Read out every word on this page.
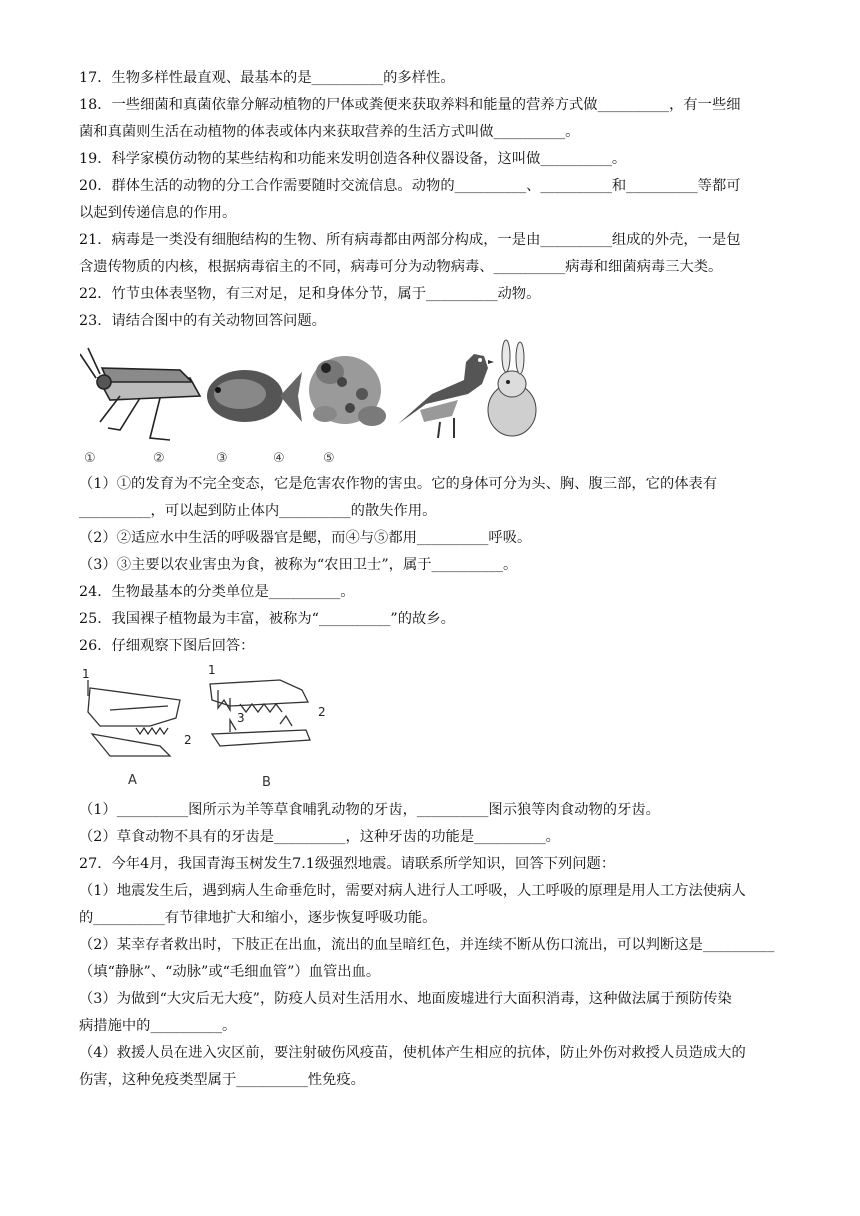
17．生物多样性最直观、最基本的是__________的多样性。
18．一些细菌和真菌依靠分解动植物的尸体或粪便来获取养料和能量的营养方式做__________，有一些细
菌和真菌则生活在动植物的体表或体内来获取营养的生活方式叫做__________。
19．科学家模仿动物的某些结构和功能来发明创造各种仪器设备，这叫做__________。
20．群体生活的动物的分工合作需要随时交流信息。动物的__________、__________和__________等都可
以起到传递信息的作用。
21．病毒是一类没有细胞结构的生物、所有病毒都由两部分构成，一是由__________组成的外壳，一是包
含遗传物质的内核，根据病毒宿主的不同，病毒可分为动物病毒、__________病毒和细菌病毒三大类。
22．竹节虫体表坚物，有三对足，足和身体分节，属于__________动物。
23．请结合图中的有关动物回答问题。
①	②	③	④	⑤
（1）①的发育为不完全变态，它是危害农作物的害虫。它的身体可分为头、胸、腹三部，它的体表有
__________，可以起到防止体内__________的散失作用。
（2）②适应水中生活的呼吸器官是鳃，而④与⑤都用__________呼吸。
（3）③主要以农业害虫为食，被称为“农田卫士”，属于__________。
24．生物最基本的分类单位是__________。
25．我国裸子植物最为丰富，被称为“__________”的故乡。
26．仔细观察下图后回答：
1
2
A
1
3	2
B
（1）__________图所示为羊等草食哺乳动物的牙齿，__________图示狼等肉食动物的牙齿。
（2）草食动物不具有的牙齿是__________，这种牙齿的功能是__________。
27．今年4月，我国青海玉树发生7.1级强烈地震。请联系所学知识，回答下列问题：
（1）地震发生后，遇到病人生命垂危时，需要对病人进行人工呼吸，人工呼吸的原理是用人工方法使病人
的__________有节律地扩大和缩小，逐步恢复呼吸功能。
（2）某幸存者救出时，下肢正在出血，流出的血呈暗红色，并连续不断从伤口流出，可以判断这是__________
（填“静脉”、“动脉”或“毛细血管”）血管出血。
（3）为做到“大灾后无大疫”，防疫人员对生活用水、地面废墟进行大面积消毒，这种做法属于预防传染
病措施中的__________。
（4）救援人员在进入灾区前，要注射破伤风疫苗，使机体产生相应的抗体，防止外伤对救授人员造成大的
伤害，这种免疫类型属于__________性免疫。
